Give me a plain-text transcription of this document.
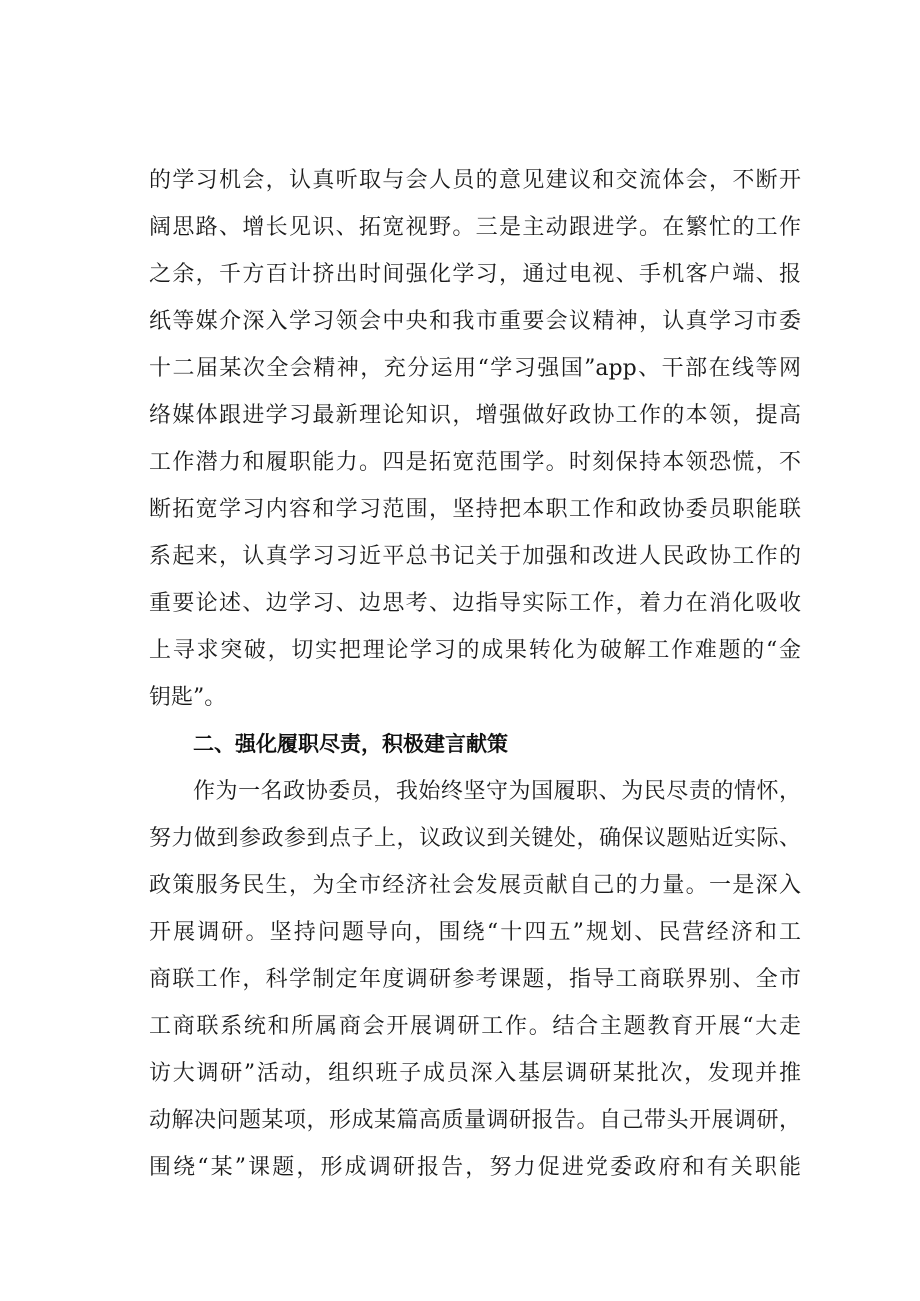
的学习机会，认真听取与会人员的意见建议和交流体会，不断开
阔思路、增长见识、拓宽视野。三是主动跟进学。在繁忙的工作
之余，千方百计挤出时间强化学习，通过电视、手机客户端、报
纸等媒介深入学习领会中央和我市重要会议精神，认真学习市委
十二届某次全会精神，充分运用“学习强国”app、干部在线等网
络媒体跟进学习最新理论知识，增强做好政协工作的本领，提高
工作潜力和履职能力。四是拓宽范围学。时刻保持本领恐慌，不
断拓宽学习内容和学习范围，坚持把本职工作和政协委员职能联
系起来，认真学习习近平总书记关于加强和改进人民政协工作的
重要论述、边学习、边思考、边指导实际工作，着力在消化吸收
上寻求突破，切实把理论学习的成果转化为破解工作难题的“金
钥匙”。
二、强化履职尽责，积极建言献策
作为一名政协委员，我始终坚守为国履职、为民尽责的情怀，
努力做到参政参到点子上，议政议到关键处，确保议题贴近实际、
政策服务民生，为全市经济社会发展贡献自己的力量。一是深入
开展调研。坚持问题导向，围绕“十四五”规划、民营经济和工
商联工作，科学制定年度调研参考课题，指导工商联界别、全市
工商联系统和所属商会开展调研工作。结合主题教育开展“大走
访大调研”活动，组织班子成员深入基层调研某批次，发现并推
动解决问题某项，形成某篇高质量调研报告。自己带头开展调研，
围绕“某”课题，形成调研报告，努力促进党委政府和有关职能
